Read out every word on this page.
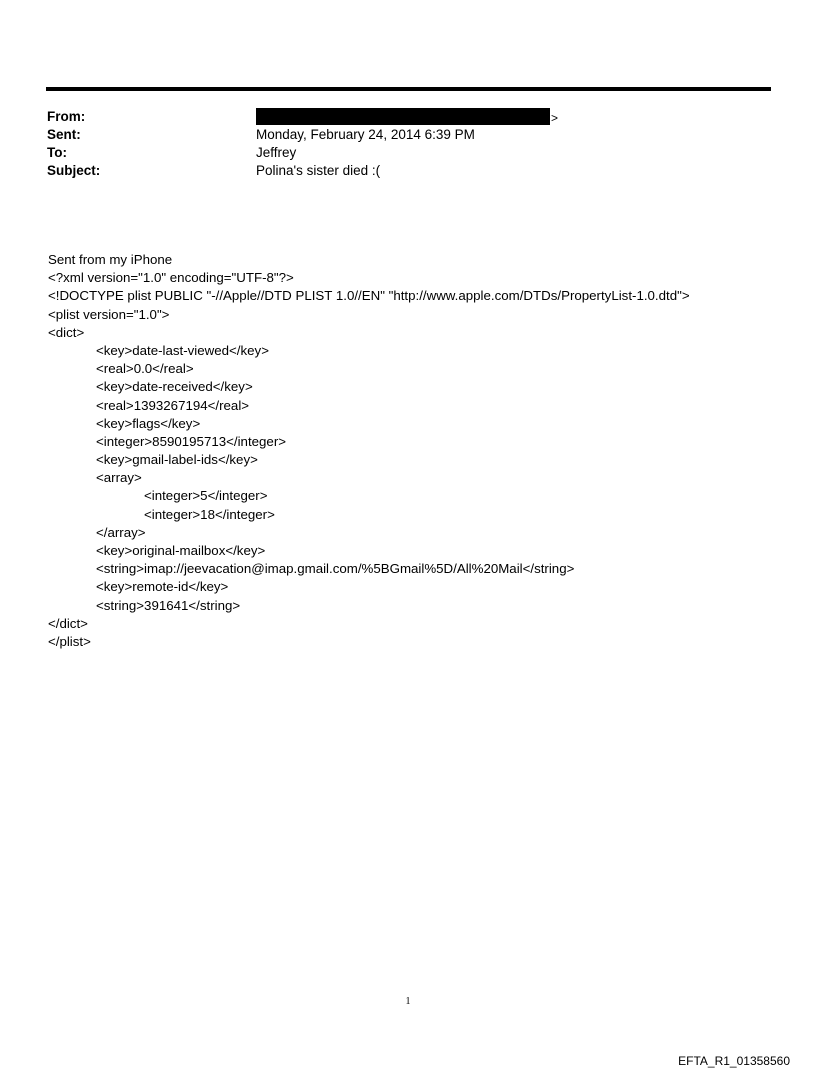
From:	>
Sent:	Monday, February 24, 2014 6:39 PM
To:	Jeffrey
Subject:	Polina's sister died :(
Sent from my iPhone
<?xml version="1.0" encoding="UTF-8"?>
<!DOCTYPE plist PUBLIC "-//Apple//DTD PLIST 1.0//EN" "http://www.apple.com/DTDs/PropertyList-1.0.dtd">
<plist version="1.0">
<dict>
<key>date-last-viewed</key>
<real>0.0</real>
<key>date-received</key>
<real>1393267194</real>
<key>flags</key>
<integer>8590195713</integer>
<key>gmail-label-ids</key>
<array>
<integer>5</integer>
<integer>18</integer>
</array>
<key>original-mailbox</key>
<string>imap://jeevacation@imap.gmail.com/%5BGmail%5D/All%20Mail</string>
<key>remote-id</key>
<string>391641</string>
</dict>
</plist>
1
EFTA_R1_01358560
